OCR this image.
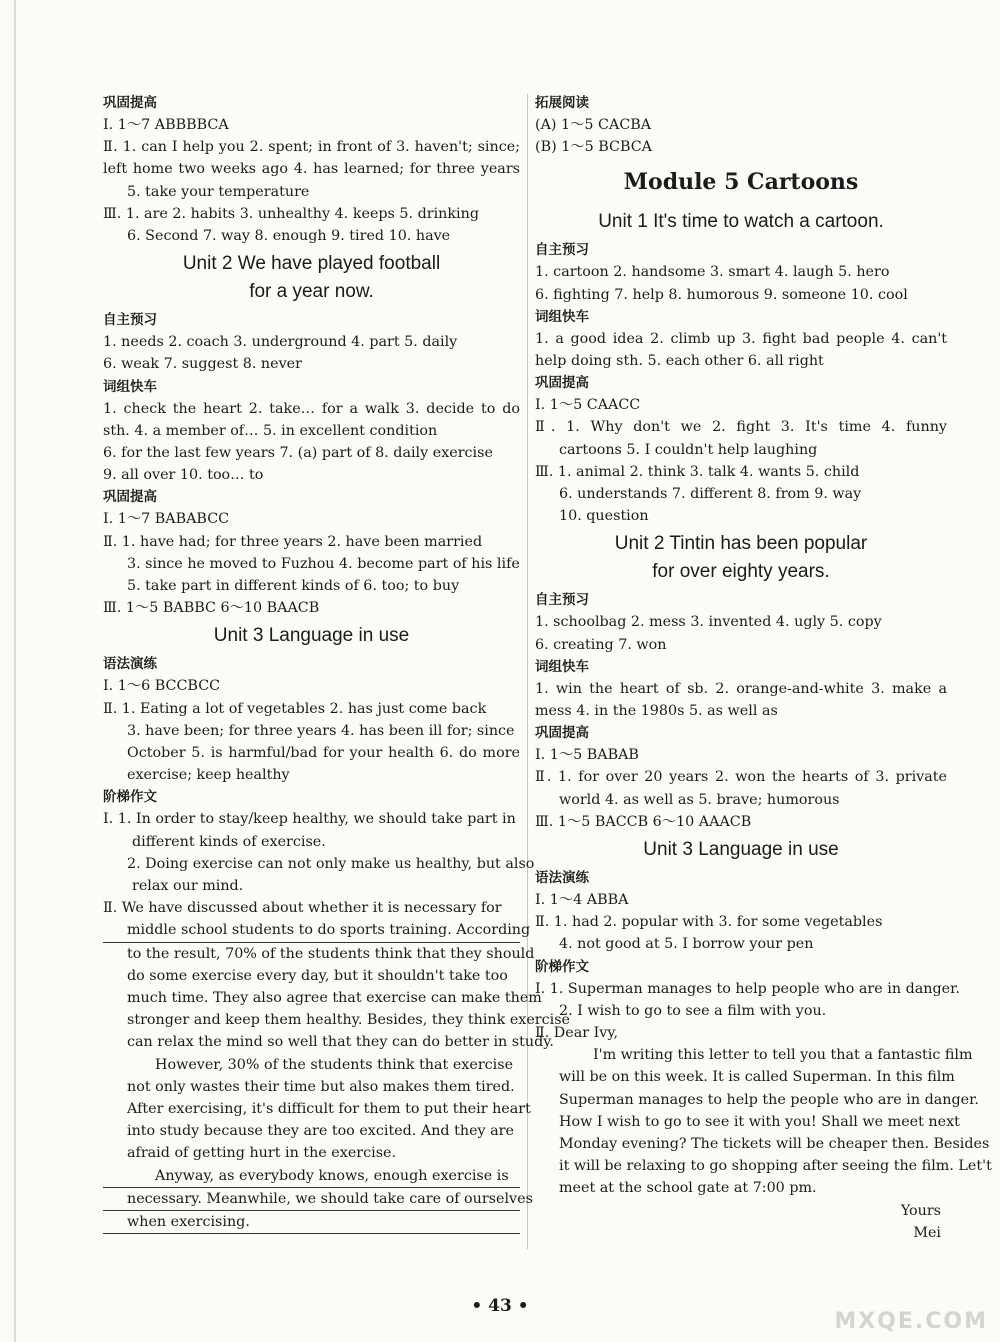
巩固提高
Ⅰ. 1～7 ABBBBCA
Ⅱ. 1. can I help you 2. spent; in front of 3. haven't; since;
left home two weeks ago 4. has learned; for three years
5. take your temperature
Ⅲ. 1. are 2. habits 3. unhealthy 4. keeps 5. drinking
6. Second 7. way 8. enough 9. tired 10. have
Unit 2 We have played football
for a year now.
自主预习
1. needs 2. coach 3. underground 4. part 5. daily
6. weak 7. suggest 8. never
词组快车
1. check the heart 2. take… for a walk 3. decide to do
sth. 4. a member of… 5. in excellent condition
6. for the last few years 7. (a) part of 8. daily exercise
9. all over 10. too… to
巩固提高
Ⅰ. 1～7 BABABCC
Ⅱ. 1. have had; for three years 2. have been married
3. since he moved to Fuzhou 4. become part of his life
5. take part in different kinds of 6. too; to buy
Ⅲ. 1～5 BABBC 6～10 BAACB
Unit 3 Language in use
语法演练
Ⅰ. 1～6 BCCBCC
Ⅱ. 1. Eating a lot of vegetables 2. has just come back
3. have been; for three years 4. has been ill for; since
October 5. is harmful/bad for your health 6. do more
exercise; keep healthy
阶梯作文
Ⅰ. 1. In order to stay/keep healthy, we should take part in
different kinds of exercise.
2. Doing exercise can not only make us healthy, but also
relax our mind.
Ⅱ. We have discussed about whether it is necessary for
middle school students to do sports training. According
to the result, 70% of the students think that they should
do some exercise every day, but it shouldn't take too
much time. They also agree that exercise can make them
stronger and keep them healthy. Besides, they think exercise
can relax the mind so well that they can do better in study.
However, 30% of the students think that exercise
not only wastes their time but also makes them tired.
After exercising, it's difficult for them to put their heart
into study because they are too excited. And they are
afraid of getting hurt in the exercise.
Anyway, as everybody knows, enough exercise is
necessary. Meanwhile, we should take care of ourselves
when exercising.
拓展阅读
(A) 1～5 CACBA
(B) 1～5 BCBCA
Module 5 Cartoons
Unit 1 It's time to watch a cartoon.
自主预习
1. cartoon 2. handsome 3. smart 4. laugh 5. hero
6. fighting 7. help 8. humorous 9. someone 10. cool
词组快车
1. a good idea 2. climb up 3. fight bad people 4. can't
help doing sth. 5. each other 6. all right
巩固提高
Ⅰ. 1～5 CAACC
Ⅱ. 1. Why don't we 2. fight 3. It's time 4. funny
cartoons 5. I couldn't help laughing
Ⅲ. 1. animal 2. think 3. talk 4. wants 5. child
6. understands 7. different 8. from 9. way
10. question
Unit 2 Tintin has been popular
for over eighty years.
自主预习
1. schoolbag 2. mess 3. invented 4. ugly 5. copy
6. creating 7. won
词组快车
1. win the heart of sb. 2. orange-and-white 3. make a
mess 4. in the 1980s 5. as well as
巩固提高
Ⅰ. 1～5 BABAB
Ⅱ. 1. for over 20 years 2. won the hearts of 3. private
world 4. as well as 5. brave; humorous
Ⅲ. 1～5 BACCB 6～10 AAACB
Unit 3 Language in use
语法演练
Ⅰ. 1～4 ABBA
Ⅱ. 1. had 2. popular with 3. for some vegetables
4. not good at 5. I borrow your pen
阶梯作文
Ⅰ. 1. Superman manages to help people who are in danger.
2. I wish to go to see a film with you.
Ⅱ. Dear Ivy,
I'm writing this letter to tell you that a fantastic film
will be on this week. It is called Superman. In this film
Superman manages to help the people who are in danger.
How I wish to go to see it with you! Shall we meet next
Monday evening? The tickets will be cheaper then. Besides
it will be relaxing to go shopping after seeing the film. Let't
meet at the school gate at 7:00 pm.
Yours
Mei
• 43 •
MXQE.COM
